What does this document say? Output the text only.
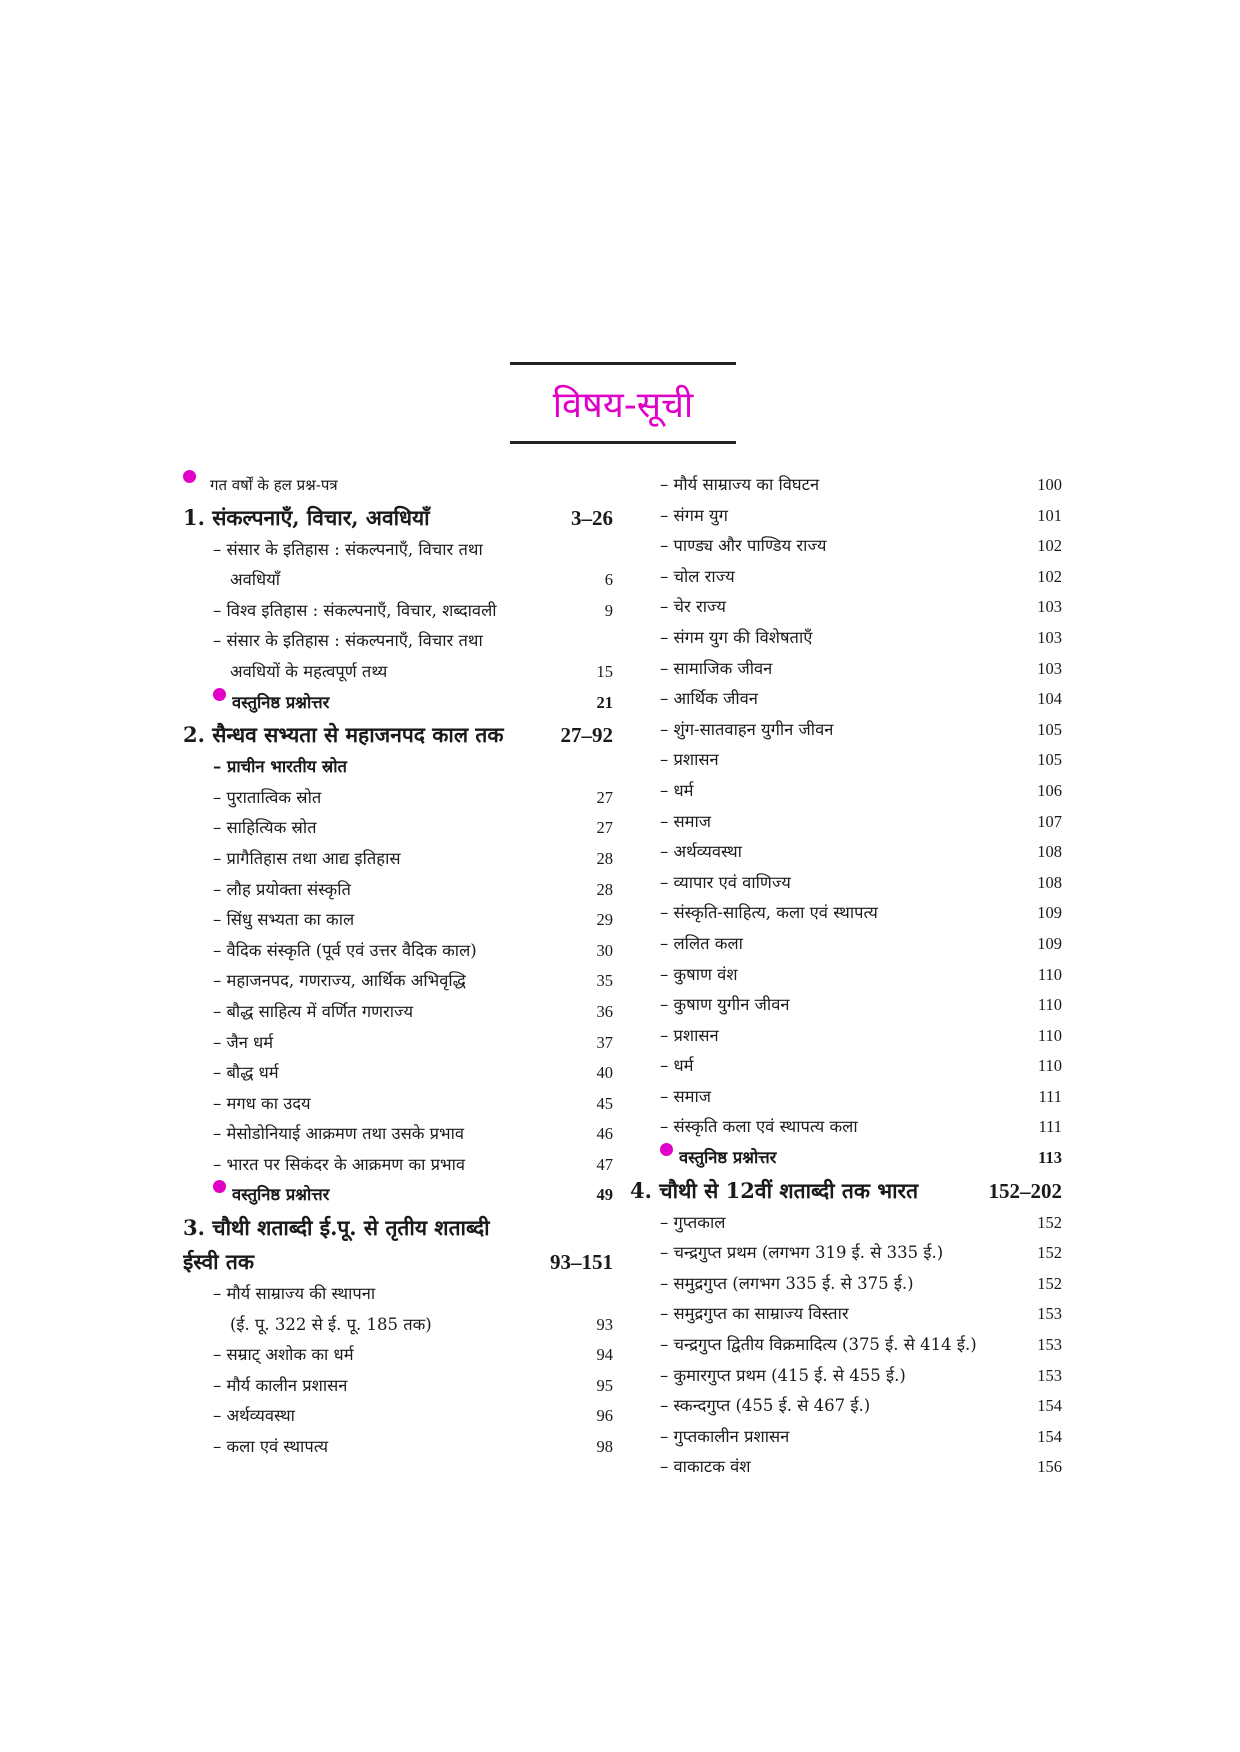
विषय-सूची
गत वर्षों के हल प्रश्न-पत्र
1. संकल्पनाएँ, विचार, अवधियाँ	3–26
– संसार के इतिहास : संकल्पनाएँ, विचार तथा
अवधियाँ	6
– विश्व इतिहास : संकल्पनाएँ, विचार, शब्दावली	9
– संसार के इतिहास : संकल्पनाएँ, विचार तथा
अवधियों के महत्वपूर्ण तथ्य	15
वस्तुनिष्ठ प्रश्नोत्तर	21
2. सैन्धव सभ्यता से महाजनपद काल तक	27–92
– प्राचीन भारतीय स्रोत
– पुरातात्विक स्रोत	27
– साहित्यिक स्रोत	27
– प्रागैतिहास तथा आद्य इतिहास	28
– लौह प्रयोक्ता संस्कृति	28
– सिंधु सभ्यता का काल	29
– वैदिक संस्कृति (पूर्व एवं उत्तर वैदिक काल)	30
– महाजनपद, गणराज्य, आर्थिक अभिवृद्धि	35
– बौद्ध साहित्य में वर्णित गणराज्य	36
– जैन धर्म	37
– बौद्ध धर्म	40
– मगध का उदय	45
– मेसोडोनियाई आक्रमण तथा उसके प्रभाव	46
– भारत पर सिकंदर के आक्रमण का प्रभाव	47
वस्तुनिष्ठ प्रश्नोत्तर	49
3. चौथी शताब्दी ई.पू. से तृतीय शताब्दी
ईस्वी तक	93–151
– मौर्य साम्राज्य की स्थापना
(ई. पू. 322 से ई. पू. 185 तक)	93
– सम्राट् अशोक का धर्म	94
– मौर्य कालीन प्रशासन	95
– अर्थव्यवस्था	96
– कला एवं स्थापत्य	98
– मौर्य साम्राज्य का विघटन	100
– संगम युग	101
– पाण्ड्य और पाण्डिय राज्य	102
– चोल राज्य	102
– चेर राज्य	103
– संगम युग की विशेषताएँ	103
– सामाजिक जीवन	103
– आर्थिक जीवन	104
– शुंग-सातवाहन युगीन जीवन	105
– प्रशासन	105
– धर्म	106
– समाज	107
– अर्थव्यवस्था	108
– व्यापार एवं वाणिज्य	108
– संस्कृति-साहित्य, कला एवं स्थापत्य	109
– ललित कला	109
– कुषाण वंश	110
– कुषाण युगीन जीवन	110
– प्रशासन	110
– धर्म	110
– समाज	111
– संस्कृति कला एवं स्थापत्य कला	111
वस्तुनिष्ठ प्रश्नोत्तर	113
4. चौथी से 12वीं शताब्दी तक भारत	152–202
– गुप्तकाल	152
– चन्द्रगुप्त प्रथम (लगभग 319 ई. से 335 ई.)	152
– समुद्रगुप्त (लगभग 335 ई. से 375 ई.)	152
– समुद्रगुप्त का साम्राज्य विस्तार	153
– चन्द्रगुप्त द्वितीय विक्रमादित्य (375 ई. से 414 ई.)	153
– कुमारगुप्त प्रथम (415 ई. से 455 ई.)	153
– स्कन्दगुप्त (455 ई. से 467 ई.)	154
– गुप्तकालीन प्रशासन	154
– वाकाटक वंश	156
